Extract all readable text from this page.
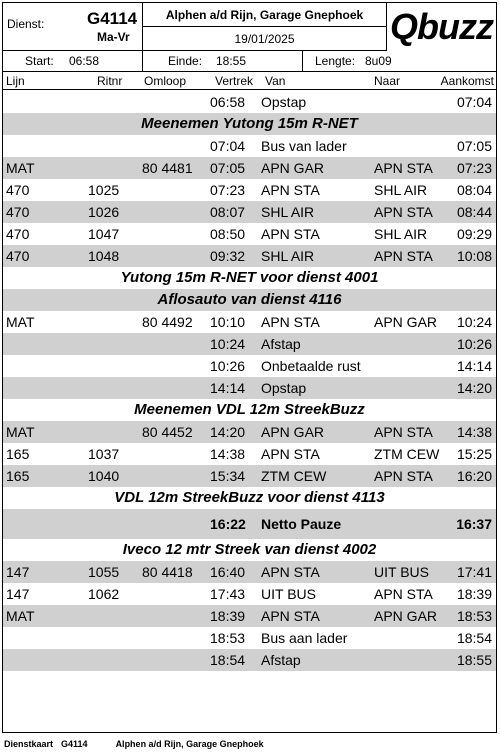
Dienst:	G4114
Ma-Vr
Alphen a/d Rijn, Garage Gnephoek
19/01/2025	Qbuzz
Start: 06:58	Einde: 18:55	Lengte: 8u09
Lijn	Ritnr Omloop Vertrek Van	Naar	Aankomst
06:58 Opstap	07:04
Meenemen Yutong 15m R-NET
07:04 Bus van lader	07:05
MAT	80 4481 07:05 APN GAR	APN STA 07:23
470	1025	07:23 APN STA	SHL AIR 08:04
470	1026	08:07 SHL AIR	APN STA 08:44
470	1047	08:50 APN STA	SHL AIR 09:29
470	1048	09:32 SHL AIR	APN STA 10:08
Yutong 15m R-NET voor dienst 4001
Aflosauto van dienst 4116
MAT	80 4492 10:10 APN STA	APN GAR 10:24
10:24 Afstap	10:26
10:26 Onbetaalde rust	14:14
14:14 Opstap	14:20
Meenemen VDL 12m StreekBuzz
MAT	80 4452 14:20 APN GAR	APN STA 14:38
165	1037	14:38 APN STA	ZTM CEW 15:25
165	1040	15:34 ZTM CEW	APN STA 16:20
VDL 12m StreekBuzz voor dienst 4113
16:22 Netto Pauze	16:37
Iveco 12 mtr Streek van dienst 4002
147	1055 80 4418 16:40 APN STA	UIT BUS 17:41
147	1062	17:43 UIT BUS	APN STA 18:39
MAT	18:39 APN STA	APN GAR 18:53
18:53 Bus aan lader	18:54
18:54 Afstap	18:55
Dienstkaart G4114	Alphen a/d Rijn, Garage Gnephoek
